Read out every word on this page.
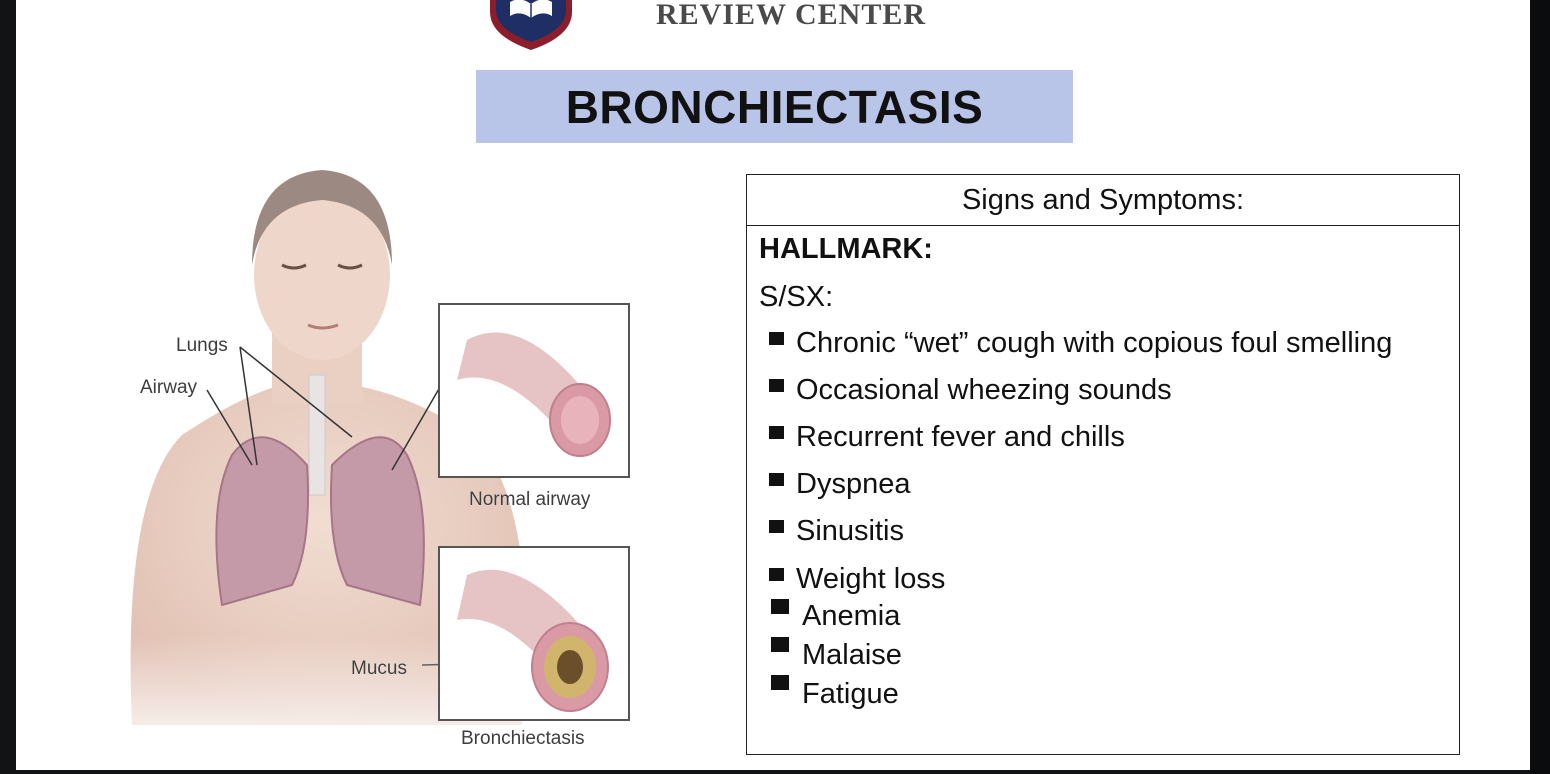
REVIEW CENTER
BRONCHIECTASIS
Lungs
Airway
Normal airway
Mucus
Bronchiectasis
Signs and Symptoms:
HALLMARK:
S/SX:
Chronic “wet” cough with copious foul smelling
Occasional wheezing sounds
Recurrent fever and chills
Dyspnea
Sinusitis
Weight loss
Anemia
Malaise
Fatigue
